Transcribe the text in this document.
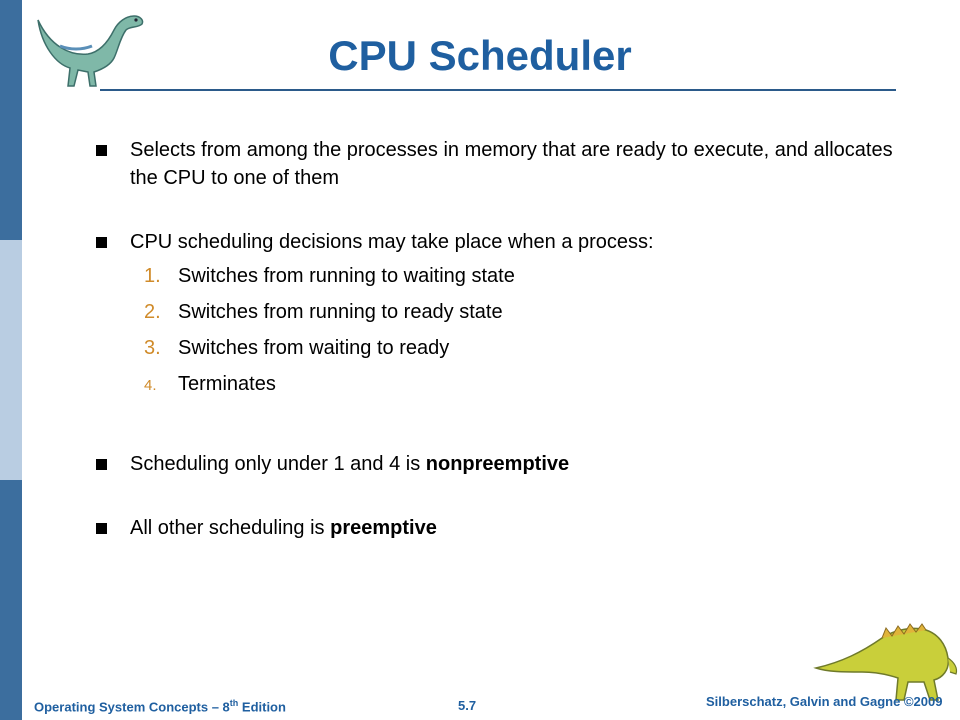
CPU Scheduler
Selects from among the processes in memory that are ready to execute, and allocates the CPU to one of them
CPU scheduling decisions may take place when a process:
1. Switches from running to waiting state
2. Switches from running to ready state
3. Switches from waiting to ready
4. Terminates
Scheduling only under 1 and 4 is nonpreemptive
All other scheduling is preemptive
Operating System Concepts – 8th Edition	5.7	Silberschatz, Galvin and Gagne ©2009
